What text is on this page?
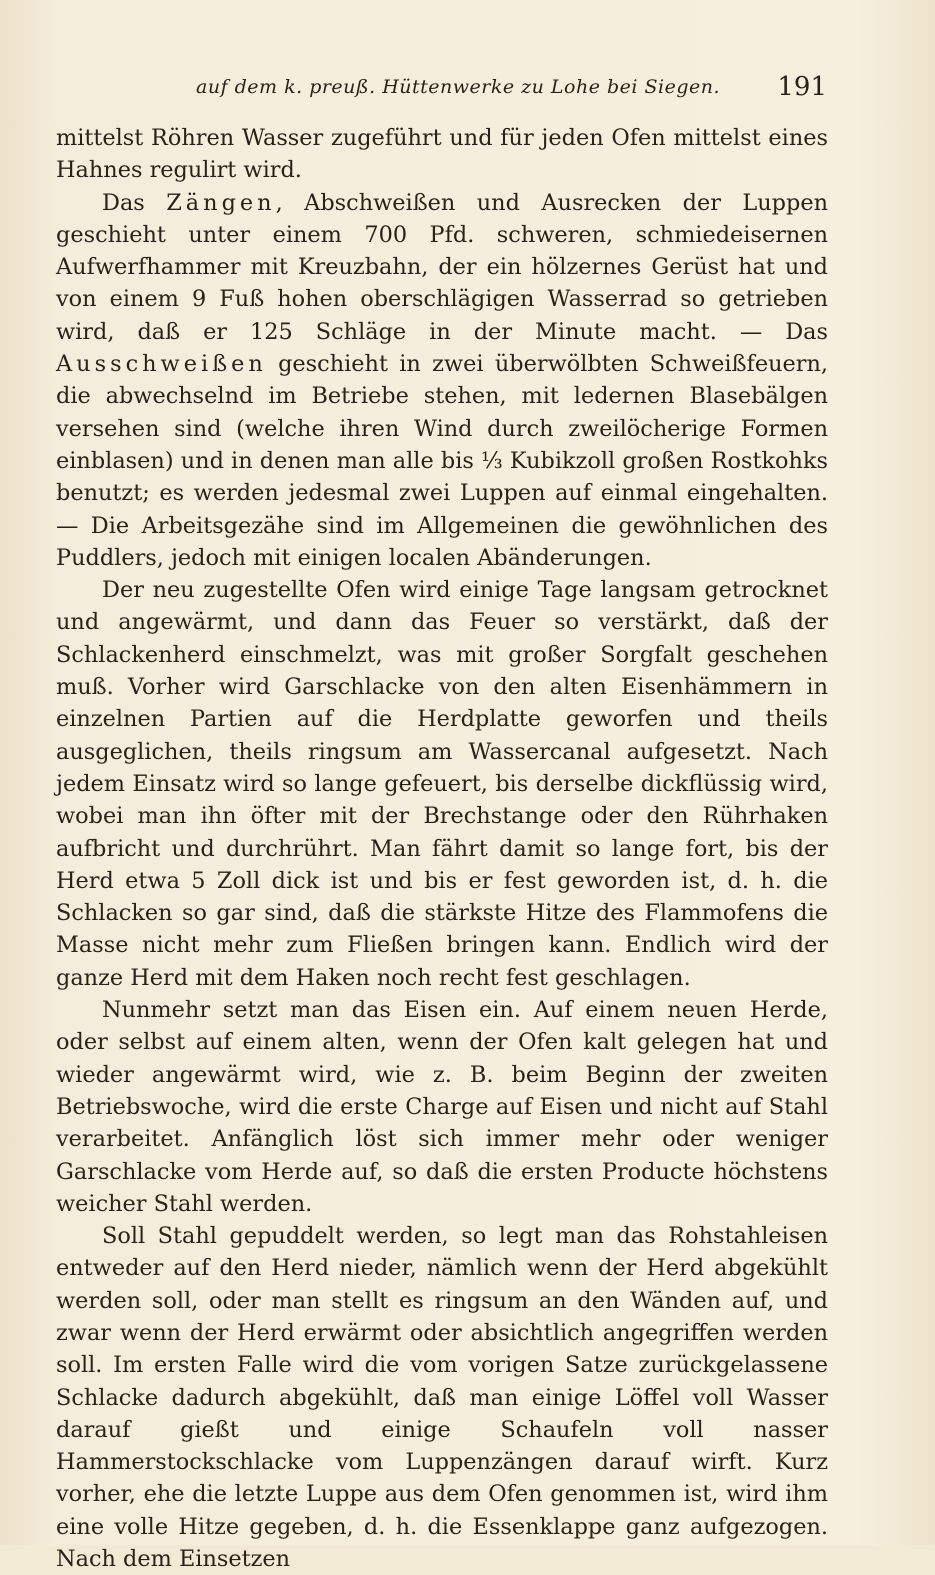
auf dem k. preuß. Hüttenwerke zu Lohe bei Siegen. 191

mittelst Röhren Wasser zugeführt und für jeden Ofen mittelst eines Hahnes regulirt wird.

Das Zängen, Abschweißen und Ausrecken der Luppen geschieht unter einem 700 Pfd. schweren, schmiedeisernen Aufwerfhammer mit Kreuzbahn, der ein hölzernes Gerüst hat und von einem 9 Fuß hohen oberschlägigen Wasserrad so getrieben wird, daß er 125 Schläge in der Minute macht. — Das Ausschweißen geschieht in zwei überwölbten Schweißfeuern, die abwechselnd im Betriebe stehen, mit ledernen Blasebälgen versehen sind (welche ihren Wind durch zweilöcherige Formen einblasen) und in denen man alle bis ⅓ Kubikzoll großen Rostkohks benutzt; es werden jedesmal zwei Luppen auf einmal eingehalten. — Die Arbeitsgezähe sind im Allgemeinen die gewöhnlichen des Puddlers, jedoch mit einigen localen Abänderungen.

Der neu zugestellte Ofen wird einige Tage langsam getrocknet und angewärmt, und dann das Feuer so verstärkt, daß der Schlackenherd einschmelzt, was mit großer Sorgfalt geschehen muß. Vorher wird Garschlacke von den alten Eisenhämmern in einzelnen Partien auf die Herdplatte geworfen und theils ausgeglichen, theils ringsum am Wassercanal aufgesetzt. Nach jedem Einsatz wird so lange gefeuert, bis derselbe dickflüssig wird, wobei man ihn öfter mit der Brechstange oder den Rührhaken aufbricht und durchrührt. Man fährt damit so lange fort, bis der Herd etwa 5 Zoll dick ist und bis er fest geworden ist, d. h. die Schlacken so gar sind, daß die stärkste Hitze des Flammofens die Masse nicht mehr zum Fließen bringen kann. Endlich wird der ganze Herd mit dem Haken noch recht fest geschlagen.

Nunmehr setzt man das Eisen ein. Auf einem neuen Herde, oder selbst auf einem alten, wenn der Ofen kalt gelegen hat und wieder angewärmt wird, wie z. B. beim Beginn der zweiten Betriebswoche, wird die erste Charge auf Eisen und nicht auf Stahl verarbeitet. Anfänglich löst sich immer mehr oder weniger Garschlacke vom Herde auf, so daß die ersten Producte höchstens weicher Stahl werden.

Soll Stahl gepuddelt werden, so legt man das Rohstahleisen entweder auf den Herd nieder, nämlich wenn der Herd abgekühlt werden soll, oder man stellt es ringsum an den Wänden auf, und zwar wenn der Herd erwärmt oder absichtlich angegriffen werden soll. Im ersten Falle wird die vom vorigen Satze zurückgelassene Schlacke dadurch abgekühlt, daß man einige Löffel voll Wasser darauf gießt und einige Schaufeln voll nasser Hammerstockschlacke vom Luppenzängen darauf wirft. Kurz vorher, ehe die letzte Luppe aus dem Ofen genommen ist, wird ihm eine volle Hitze gegeben, d. h. die Essenklappe ganz aufgezogen. Nach dem Einsetzen
